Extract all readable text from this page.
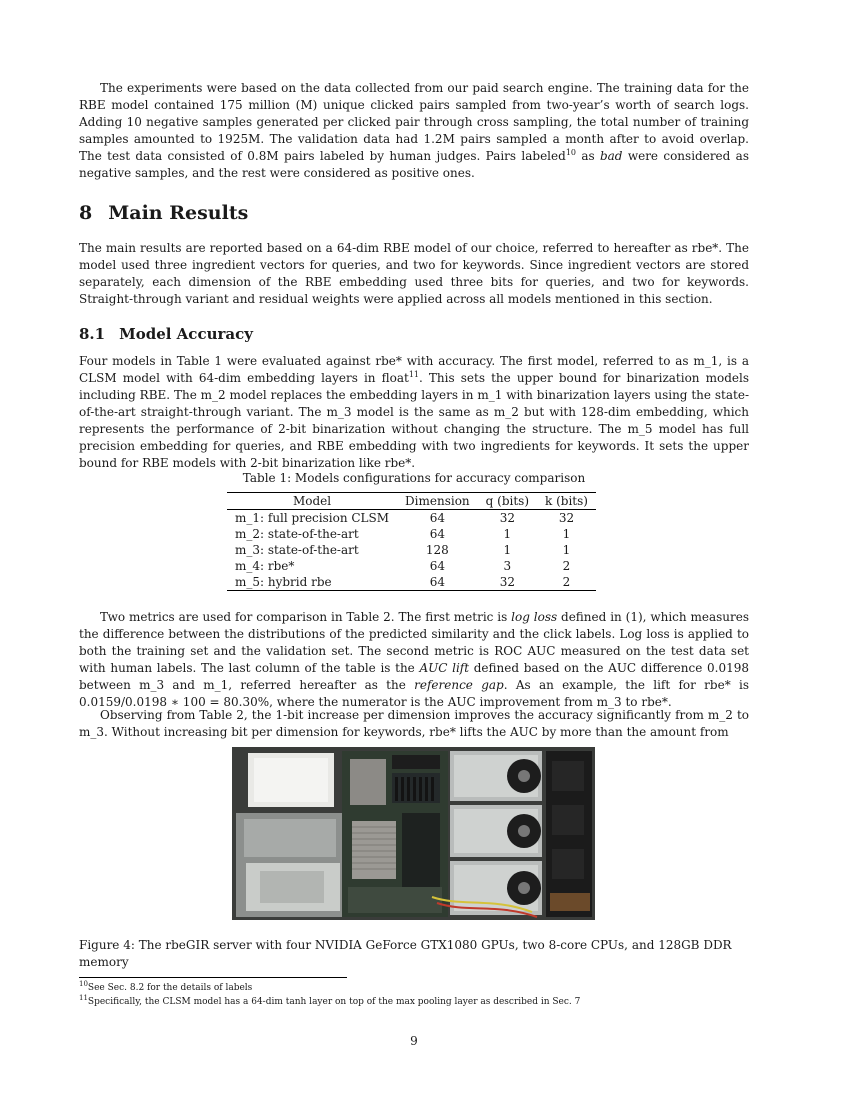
The experiments were based on the data collected from our paid search engine. The training data for the RBE model contained 175 million (M) unique clicked pairs sampled from two-year’s worth of search logs. Adding 10 negative samples generated per clicked pair through cross sampling, the total number of training samples amounted to 1925M. The validation data had 1.2M pairs sampled a month after to avoid overlap. The test data consisted of 0.8M pairs labeled by human judges. Pairs labeled$^{10}$ as bad were considered as negative samples, and the rest were considered as positive ones.

8 Main Results

The main results are reported based on a 64-dim RBE model of our choice, referred to hereafter as rbe*. The model used three ingredient vectors for queries, and two for keywords. Since ingredient vectors are stored separately, each dimension of the RBE embedding used three bits for queries, and two for keywords. Straight-through variant and residual weights were applied across all models mentioned in this section.

8.1 Model Accuracy

Four models in Table 1 were evaluated against rbe* with accuracy. The first model, referred to as m_1, is a CLSM model with 64-dim embedding layers in float$^{11}$. This sets the upper bound for binarization models including RBE. The m_2 model replaces the embedding layers in m_1 with binarization layers using the state-of-the-art straight-through variant. The m_3 model is the same as m_2 but with 128-dim embedding, which represents the performance of 2-bit binarization without changing the structure. The m_5 model has full precision embedding for queries, and RBE embedding with two ingredients for keywords. It sets the upper bound for RBE models with 2-bit binarization like rbe*.

Table 1: Models configurations for accuracy comparison
Model	Dimension	q (bits)	k (bits)
m_1: full precision CLSM	64	32	32
m_2: state-of-the-art	64	1	1
m_3: state-of-the-art	128	1	1
m_4: rbe*	64	3	2
m_5: hybrid rbe	64	32	2

Two metrics are used for comparison in Table 2. The first metric is log loss defined in (1), which measures the difference between the distributions of the predicted similarity and the click labels. Log loss is applied to both the training set and the validation set. The second metric is ROC AUC measured on the test data set with human labels. The last column of the table is the AUC lift defined based on the AUC difference 0.0198 between m_3 and m_1, referred hereafter as the reference gap. As an example, the lift for rbe* is 0.0159/0.0198 ∗ 100 = 80.30%, where the numerator is the AUC improvement from m_3 to rbe*.

Observing from Table 2, the 1-bit increase per dimension improves the accuracy significantly from m_2 to m_3. Without increasing bit per dimension for keywords, rbe* lifts the AUC by more than the amount from

Figure 4: The rbeGIR server with four NVIDIA GeForce GTX1080 GPUs, two 8-core CPUs, and 128GB DDR memory
$^{10}$See Sec. 8.2 for the details of labels
$^{11}$Specifically, the CLSM model has a 64-dim tanh layer on top of the max pooling layer as described in Sec. 7
9
